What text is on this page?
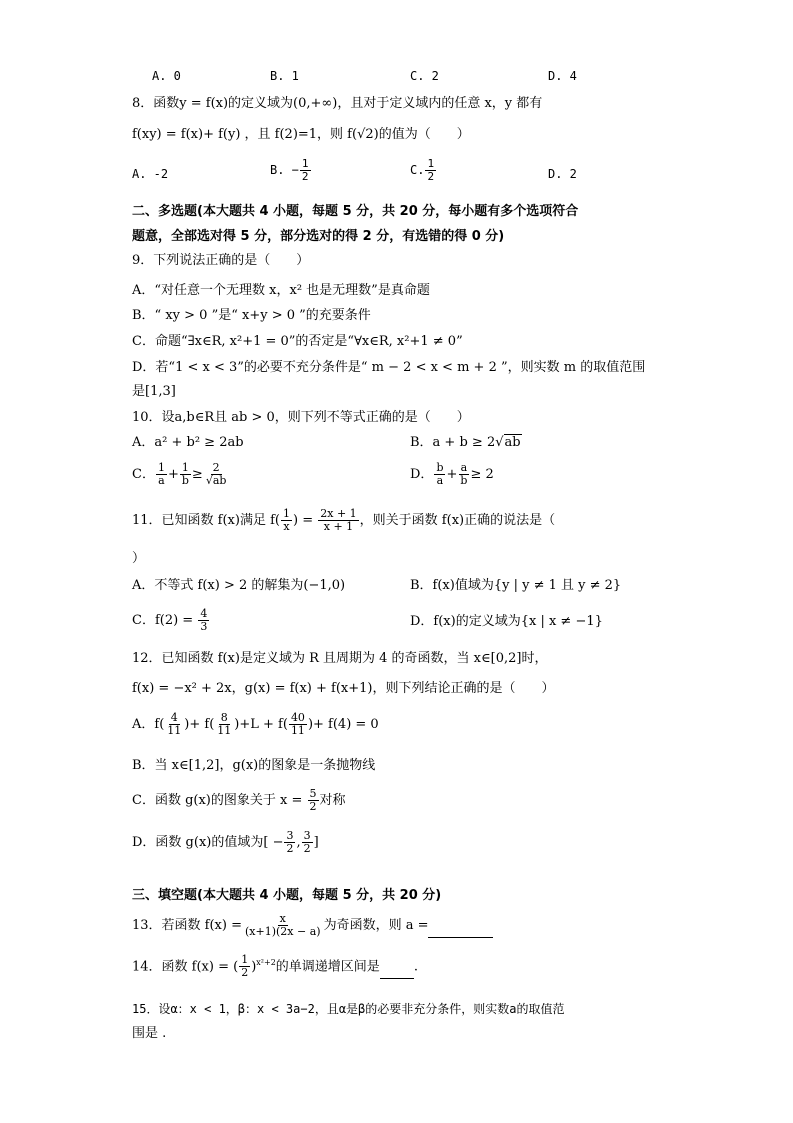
A. 0	B. 1	C. 2	D. 4
8．函数y = f(x)的定义域为(0,+∞)，且对于定义域内的任意 x，y 都有
f(xy) = f(x)+ f(y) ，且 f(2)=1，则 f(√2)的值为（　　）
A. -2	B. − $\frac{1}{2}$	C. $\frac{1}{2}$	D. 2
二、多选题(本大题共 4 小题，每题 5 分，共 20 分，每小题有多个选项符合
题意，全部选对得 5 分，部分选对的得 2 分，有选错的得 0 分)
9．下列说法正确的是（　　）
A．“对任意一个无理数 x，x² 也是无理数”是真命题
B．“ xy > 0 ”是“ x+y > 0 ”的充要条件
C．命题“∃x∈R, x²+1 = 0”的否定是“∀x∈R, x²+1 ≠ 0”
D．若“1 < x < 3”的必要不充分条件是“ m − 2 < x < m + 2 ”，则实数 m 的取值范围
是[1,3]
10．设a,b∈R且 ab > 0，则下列不等式正确的是（　　）
A．a² + b² ≥ 2ab	B．a + b ≥ 2√ab
C． $\frac{1}{a} + \frac{1}{b} \ge \frac{2}{√ab}$	D． $\frac{b}{a} + \frac{a}{b} \ge 2$
11．已知函数 f(x)满足 $f( \frac{1}{x}$ ) = $\frac{2x + 1}{x + 1}$ ，则关于函数 f(x)正确的说法是（
）
A．不等式 f(x) > 2 的解集为(−1,0)	B．f(x)值域为{y | y ≠ 1 且 y ≠ 2}
C．$f(2) = \frac{4}{3}$	D．f(x)的定义域为{x | x ≠ −1}
12．已知函数 f(x)是定义域为 R 且周期为 4 的奇函数，当 x∈[0,2]时，
f(x) = −x² + 2x，g(x) = f(x) + f(x+1)，则下列结论正确的是（　　）
A．$f( \frac{4}{11}$ )+ $f( \frac{8}{11} )+L + f( \frac{40}{11}$ )+ f(4) = 0
B．当 x∈[1,2]，g(x)的图象是一条抛物线
C．函数 g(x)的图象关于 $x = \frac{5}{2}$ 对称
D．函数 g(x)的值域为[ − $\frac{3}{2}$ , $\frac{3}{2}$ ]
三、填空题(本大题共 4 小题，每题 5 分，共 20 分)
13．若函数 $f(x) = \frac{x}{(x+1)(2x - a)}$ 为奇函数，则 a =
14．函数 f(x) = ( $\frac{1}{2} )^{x^2+2}$的单调递增区间是	.
15．设α：x < 1，β：x < 3a−2，且α是β的必要非充分条件，则实数a的取值范
围是 .
